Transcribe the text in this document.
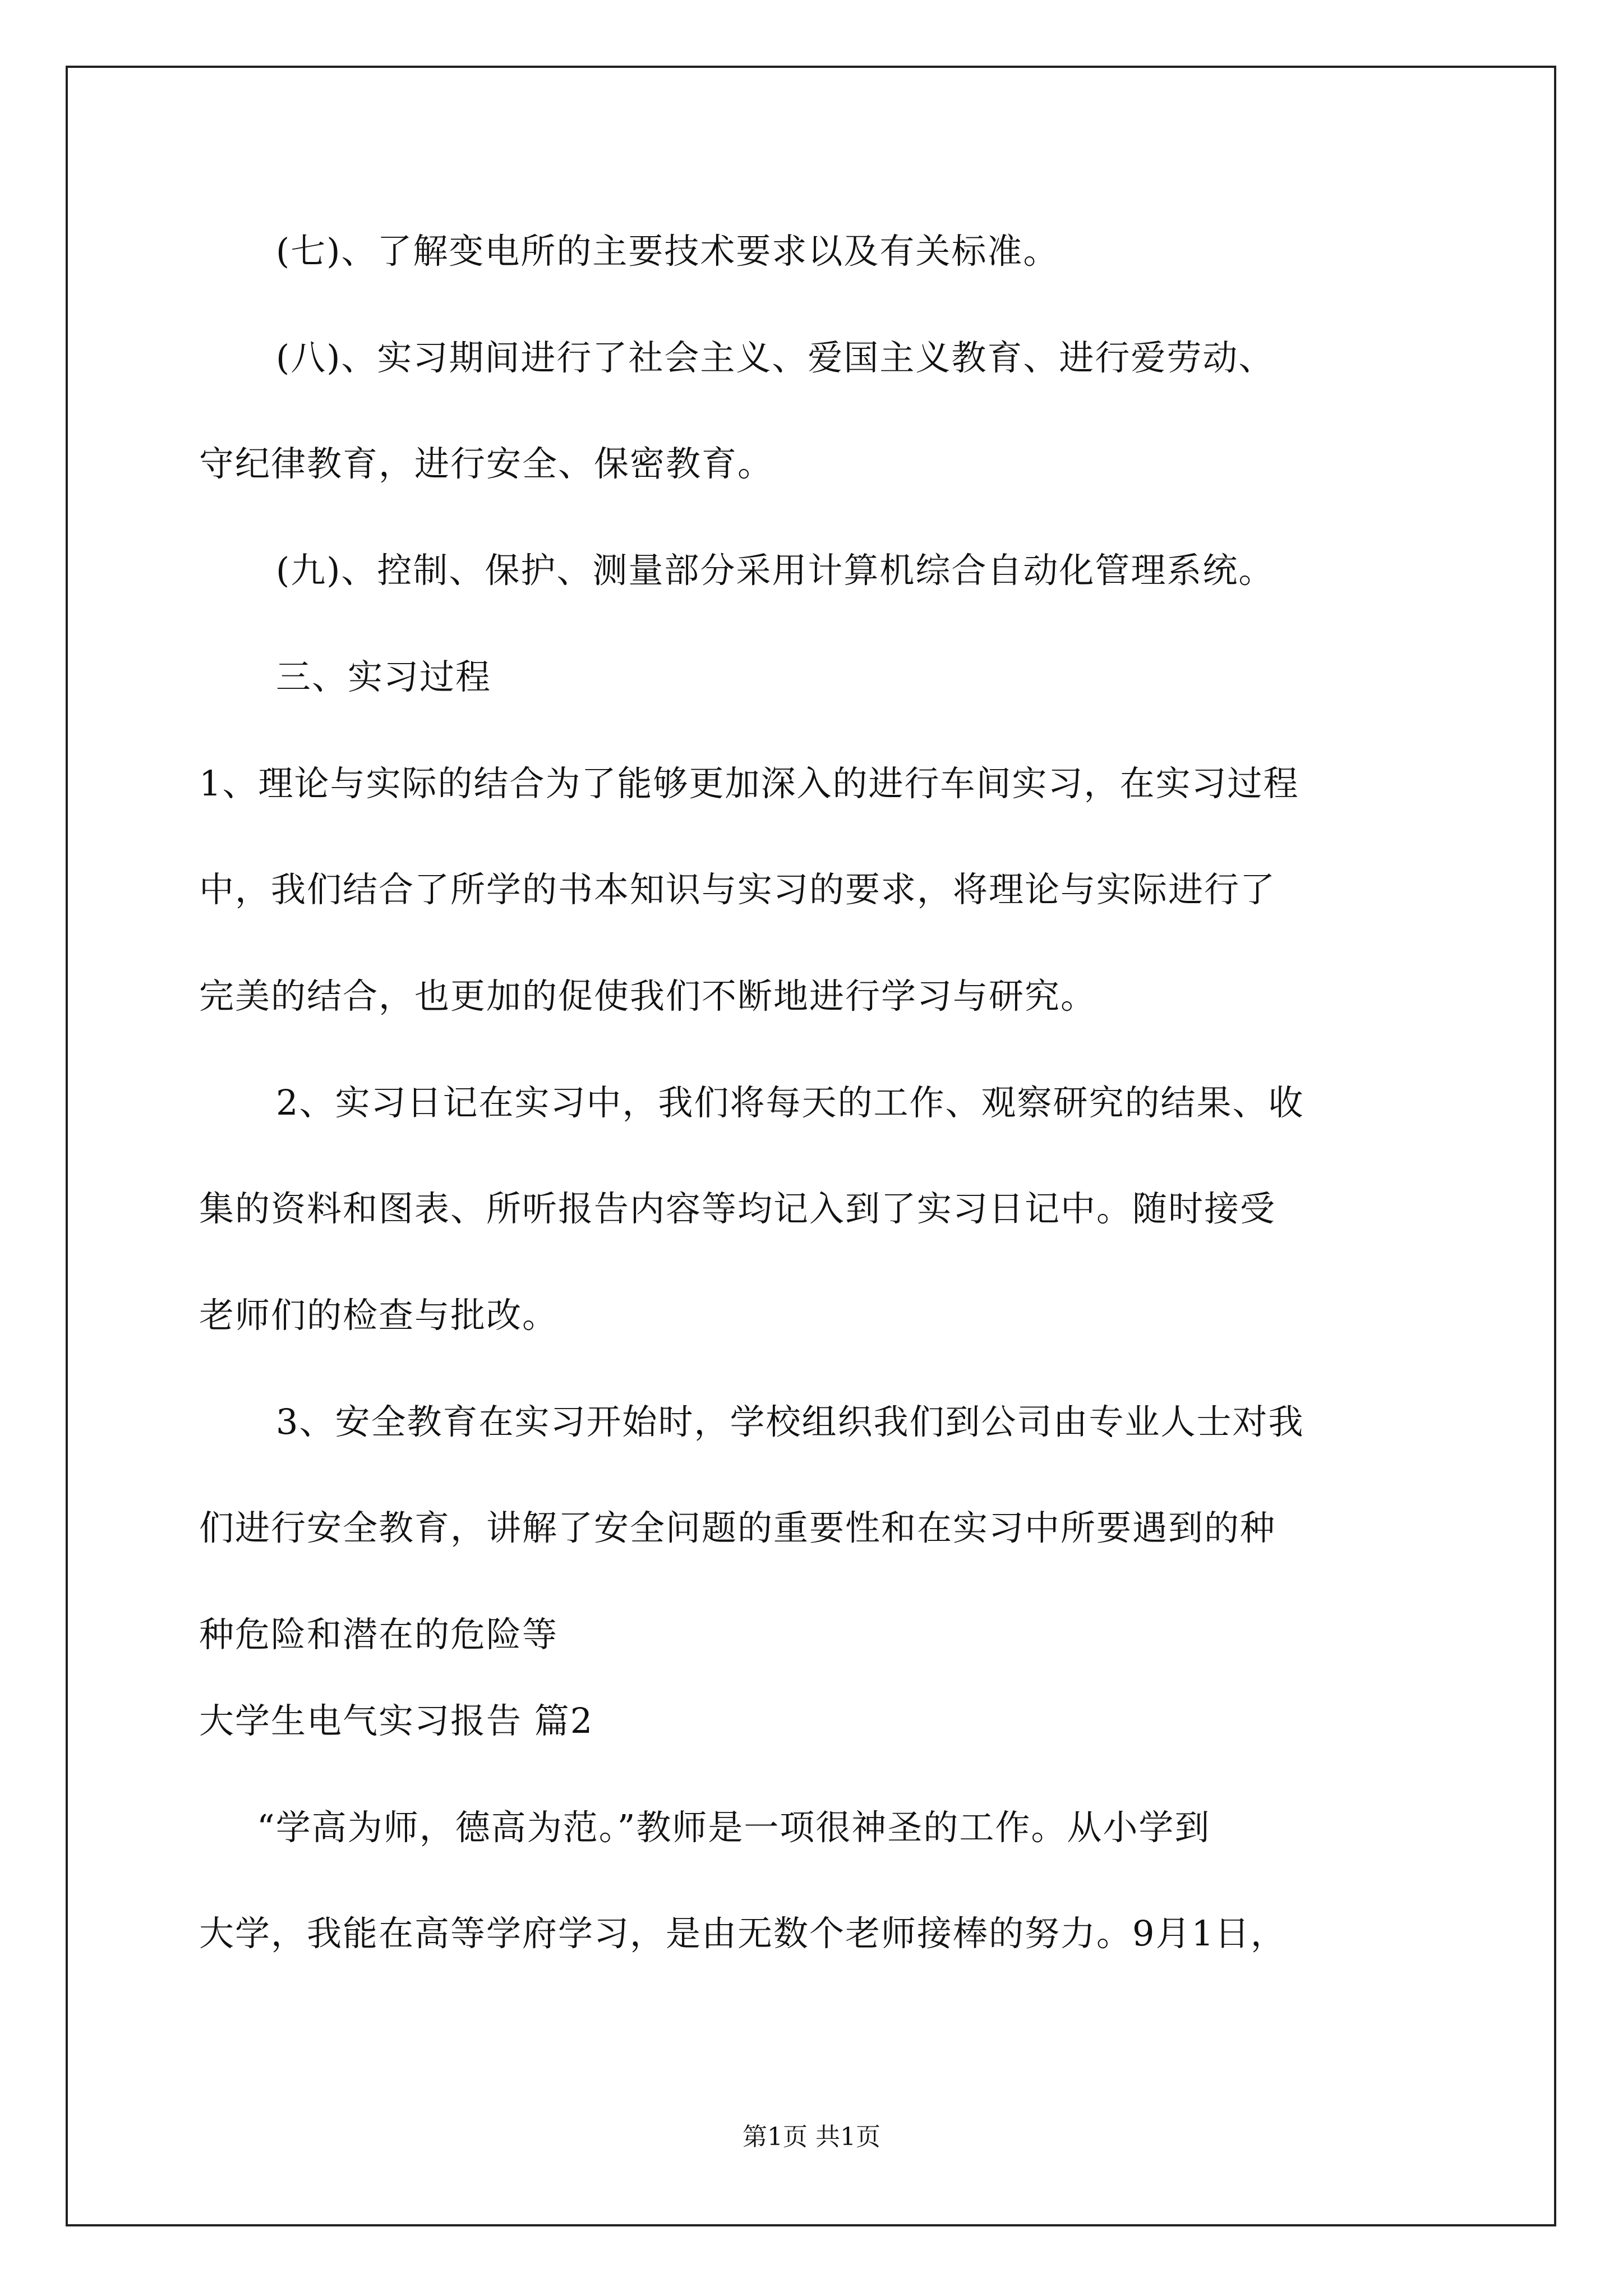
(七)、了解变电所的主要技术要求以及有关标准。
(八)、实习期间进行了社会主义、爱国主义教育、进行爱劳动、
守纪律教育，进行安全、保密教育。
(九)、控制、保护、测量部分采用计算机综合自动化管理系统。
三、实习过程
1、理论与实际的结合为了能够更加深入的进行车间实习，在实习过程
中，我们结合了所学的书本知识与实习的要求，将理论与实际进行了
完美的结合，也更加的促使我们不断地进行学习与研究。
2、实习日记在实习中，我们将每天的工作、观察研究的结果、收
集的资料和图表、所听报告内容等均记入到了实习日记中。随时接受
老师们的检查与批改。
3、安全教育在实习开始时，学校组织我们到公司由专业人士对我
们进行安全教育，讲解了安全问题的重要性和在实习中所要遇到的种
种危险和潜在的危险等
大学生电气实习报告 篇2
“学高为师，德高为范。”教师是一项很神圣的工作。从小学到
大学，我能在高等学府学习，是由无数个老师接棒的努力。9月1日，
第1页 共1页
